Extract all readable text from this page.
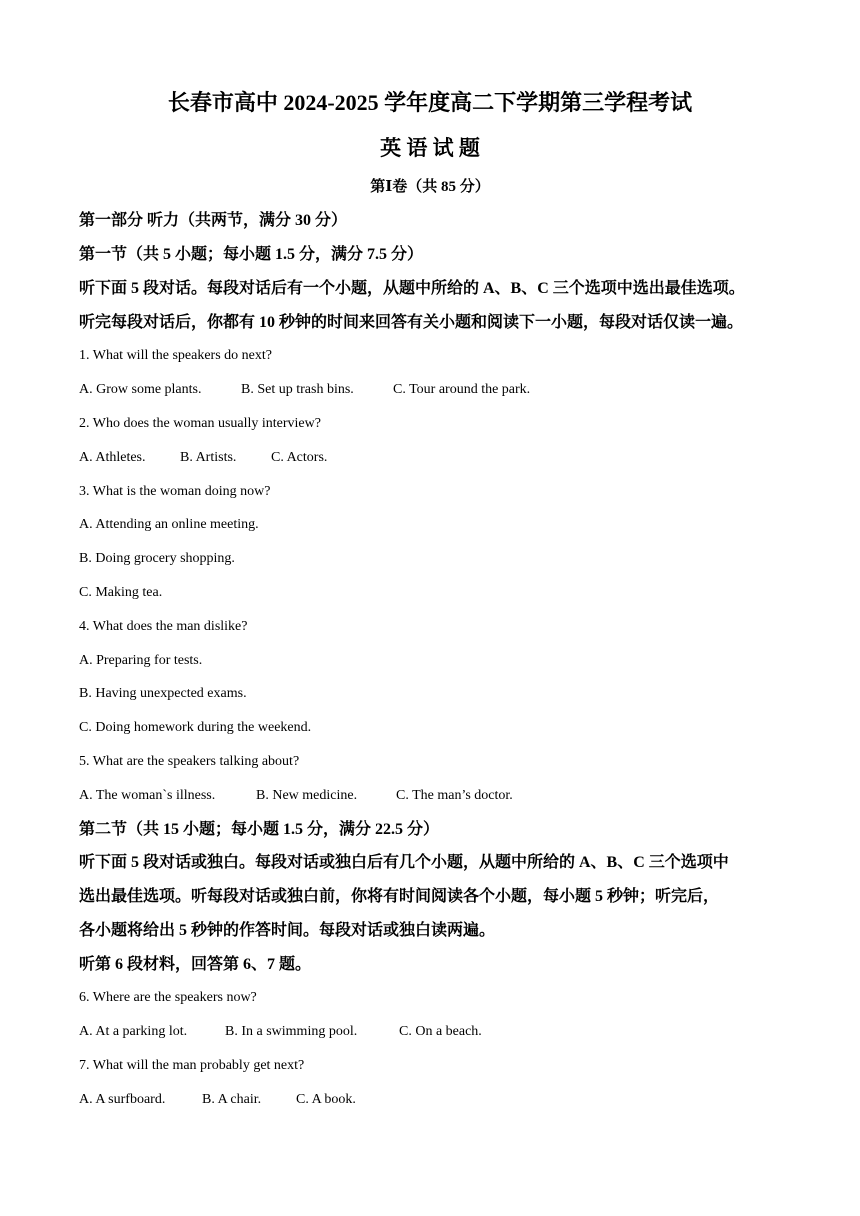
长春市高中 2024-2025 学年度高二下学期第三学程考试
英 语 试 题
第Ⅰ卷（共 85 分）
第一部分 听力（共两节，满分 30 分）
第一节（共 5 小题；每小题 1.5 分，满分 7.5 分）
听下面 5 段对话。每段对话后有一个小题，从题中所给的 A、B、C 三个选项中选出最佳选项。
听完每段对话后，你都有 10 秒钟的时间来回答有关小题和阅读下一小题，每段对话仅读一遍。
1. What will the speakers do next?
A. Grow some plants.	B. Set up trash bins.	C. Tour around the park.
2. Who does the woman usually interview?
A. Athletes. B. Artists. C. Actors.
3. What is the woman doing now?
A. Attending an online meeting.
B. Doing grocery shopping.
C. Making tea.
4. What does the man dislike?
A. Preparing for tests.
B. Having unexpected exams.
C. Doing homework during the weekend.
5. What are the speakers talking about?
A. The woman`s illness.	B. New medicine.	C. The man’s doctor.
第二节（共 15 小题；每小题 1.5 分，满分 22.5 分）
听下面 5 段对话或独白。每段对话或独白后有几个小题，从题中所给的 A、B、C 三个选项中
选出最佳选项。听每段对话或独白前，你将有时间阅读各个小题，每小题 5 秒钟；听完后，
各小题将给出 5 秒钟的作答时间。每段对话或独白读两遍。
听第 6 段材料，回答第 6、7 题。
6. Where are the speakers now?
A. At a parking lot.	B. In a swimming pool.	C. On a beach.
7. What will the man probably get next?
A. A surfboard.	B. A chair. C. A book.
